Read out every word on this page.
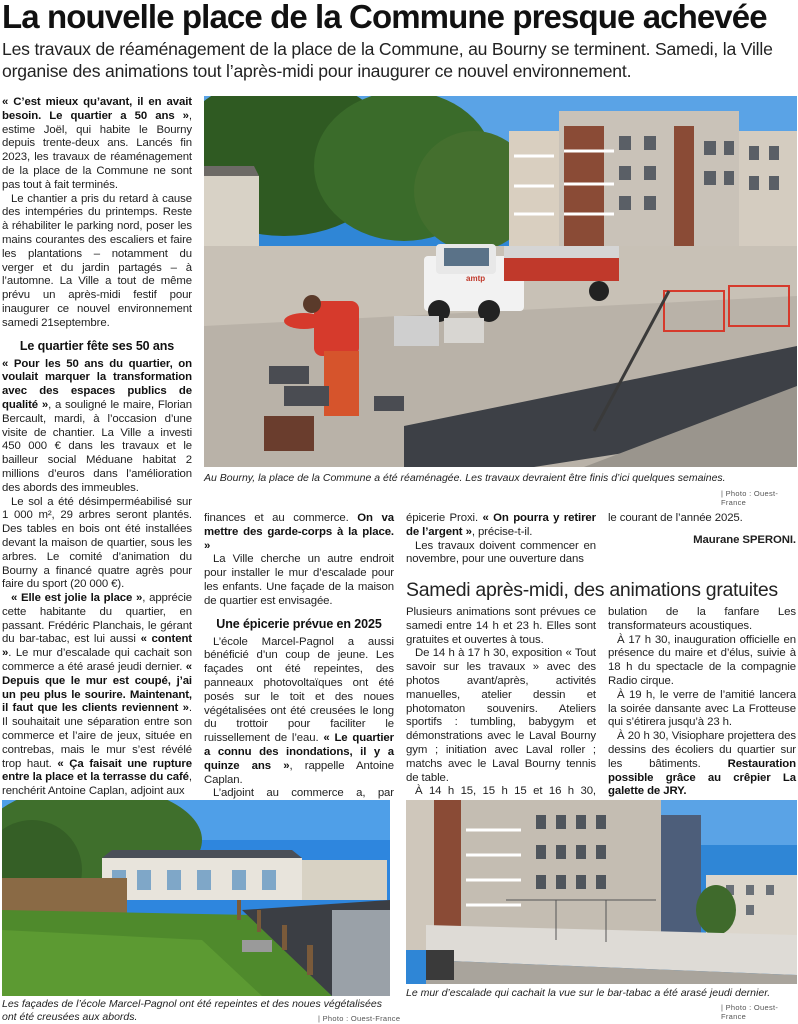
La nouvelle place de la Commune presque achevée

Les travaux de réaménagement de la place de la Commune, au Bourny se terminent. Samedi, la Ville organise des animations tout l’après-midi pour inaugurer ce nouvel environnement.

amtp
Au Bourny, la place de la Commune a été réaménagée. Les travaux devraient être finis d’ici quelques semaines.
| Photo : Ouest-France

« C’est mieux qu’avant, il en avait besoin. Le quartier a 50 ans », estime Joël, qui habite le Bourny depuis trente-deux ans. Lancés fin 2023, les travaux de réaménagement de la place de la Commune ne sont pas tout à fait terminés.

Le chantier a pris du retard à cause des intempéries du printemps. Reste à réhabiliter le parking nord, poser les mains courantes des escaliers et faire les plantations – notamment du verger et du jardin partagés – à l’automne. La Ville a tout de même prévu un après-midi festif pour inaugurer ce nouvel environnement samedi 21septembre.

Le quartier fête ses 50 ans

« Pour les 50 ans du quartier, on voulait marquer la transformation avec des espaces publics de qualité », a souligné le maire, Florian Bercault, mardi, à l’occasion d’une visite de chantier. La Ville a investi 450 000 € dans les travaux et le bailleur social Méduane habitat 2 millions d’euros dans l’amélioration des abords des immeubles.

Le sol a été désimperméabilisé sur 1 000 m², 29 arbres seront plantés. Des tables en bois ont été installées devant la maison de quartier, sous les arbres. Le comité d’animation du Bourny a financé quatre agrès pour faire du sport (20 000 €).

« Elle est jolie la place », apprécie cette habitante du quartier, en passant. Frédéric Planchais, le gérant du bar-tabac, est lui aussi « content ». Le mur d’escalade qui cachait son commerce a été arasé jeudi dernier. « Depuis que le mur est coupé, j’ai un peu plus le sourire. Maintenant, il faut que les clients reviennent ». Il souhaitait une séparation entre son commerce et l’aire de jeux, située en contrebas, mais le mur s’est révélé trop haut. « Ça faisait une rupture entre la place et la terrasse du café, renchérit Antoine Caplan, adjoint aux

finances et au commerce. On va mettre des garde-corps à la place. »

La Ville cherche un autre endroit pour installer le mur d’escalade pour les enfants. Une façade de la maison de quartier est envisagée.

Une épicerie prévue en 2025

L’école Marcel-Pagnol a aussi bénéficié d’un coup de jeune. Les façades ont été repeintes, des panneaux photovoltaïques ont été posés sur le toit et des noues végétalisées ont été creusées le long du trottoir pour faciliter le ruissellement de l’eau. « Le quartier a connu des inondations, il y a quinze ans », rappelle Antoine Caplan.

L’adjoint au commerce a, par

épicerie Proxi. « On pourra y retirer de l’argent », précise-t-il.

Les travaux doivent commencer en novembre, pour une ouverture dans

le courant de l’année 2025.

Maurane SPERONI.

Samedi après-midi, des animations gratuites

Plusieurs animations sont prévues ce samedi entre 14 h et 23 h. Elles sont gratuites et ouvertes à tous.

De 14 h à 17 h 30, exposition « Tout savoir sur les travaux » avec des photos avant/après, activités manuelles, atelier dessin et photomaton souvenirs. Ateliers sportifs : tumbling, babygym et démonstrations avec le Laval Bourny gym ; initiation avec Laval roller ; matchs avec le Laval Bourny tennis de table.

À 14 h 15, 15 h 15 et 16 h 30,

bulation de la fanfare Les transformateurs acoustiques.

À 17 h 30, inauguration officielle en présence du maire et d’élus, suivie à 18 h du spectacle de la compagnie Radio cirque.

À 19 h, le verre de l’amitié lancera la soirée dansante avec La Frotteuse qui s’étirera jusqu’à 23 h.

À 20 h 30, Visiophare projettera des dessins des écoliers du quartier sur les bâtiments. Restauration possible grâce au crêpier La galette de JRY.

Les façades de l’école Marcel-Pagnol ont été repeintes et des noues végétalisées ont été creusées aux abords.	| Photo : Ouest-France
Le mur d’escalade qui cachait la vue sur le bar-tabac a été arasé jeudi dernier.
| Photo : Ouest-France
